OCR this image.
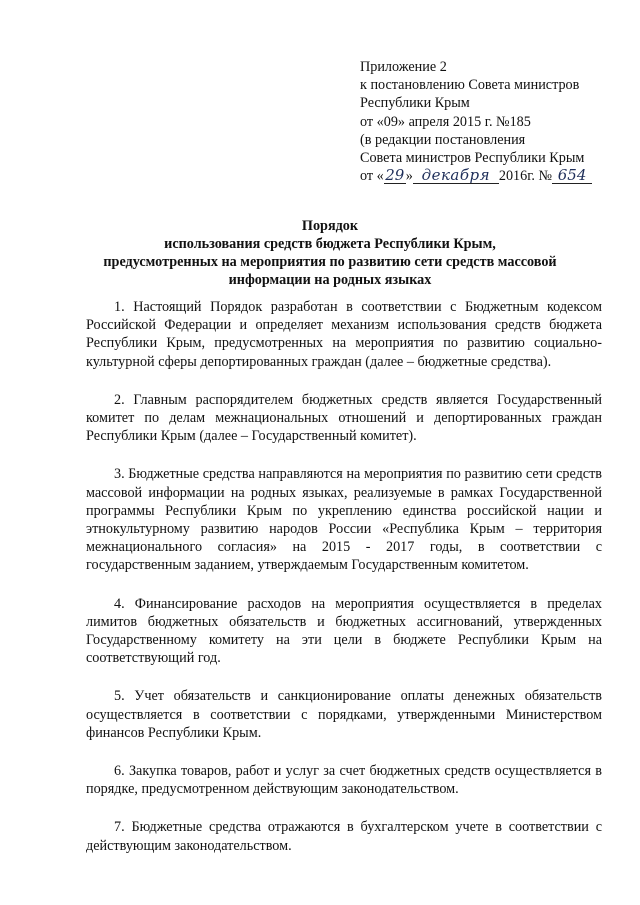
Приложение 2
к постановлению Совета министров
Республики Крым
от «09» апреля 2015 г. №185
(в редакции постановления
Совета министров Республики Крым
от «29» декабря 2016г. № 654
Порядок
использования средств бюджета Республики Крым,
предусмотренных на мероприятия по развитию сети средств массовой
информации на родных языках

1. Настоящий Порядок разработан в соответствии с Бюджетным кодексом Российской Федерации и определяет механизм использования средств бюджета Республики Крым, предусмотренных на мероприятия по развитию социально-культурной сферы депортированных граждан (далее – бюджетные средства).

2. Главным распорядителем бюджетных средств является Государственный комитет по делам межнациональных отношений и депортированных граждан Республики Крым (далее – Государственный комитет).

3. Бюджетные средства направляются на мероприятия по развитию сети средств массовой информации на родных языках, реализуемые в рамках Государственной программы Республики Крым по укреплению единства российской нации и этнокультурному развитию народов России «Республика Крым – территория межнационального согласия» на 2015 - 2017 годы, в соответствии с государственным заданием, утверждаемым Государственным комитетом.

4. Финансирование расходов на мероприятия осуществляется в пределах лимитов бюджетных обязательств и бюджетных ассигнований, утвержденных Государственному комитету на эти цели в бюджете Республики Крым на соответствующий год.

5. Учет обязательств и санкционирование оплаты денежных обязательств осуществляется в соответствии с порядками, утвержденными Министерством финансов Республики Крым.

6. Закупка товаров, работ и услуг за счет бюджетных средств осуществляется в порядке, предусмотренном действующим законодательством.

7. Бюджетные средства отражаются в бухгалтерском учете в соответствии с действующим законодательством.
